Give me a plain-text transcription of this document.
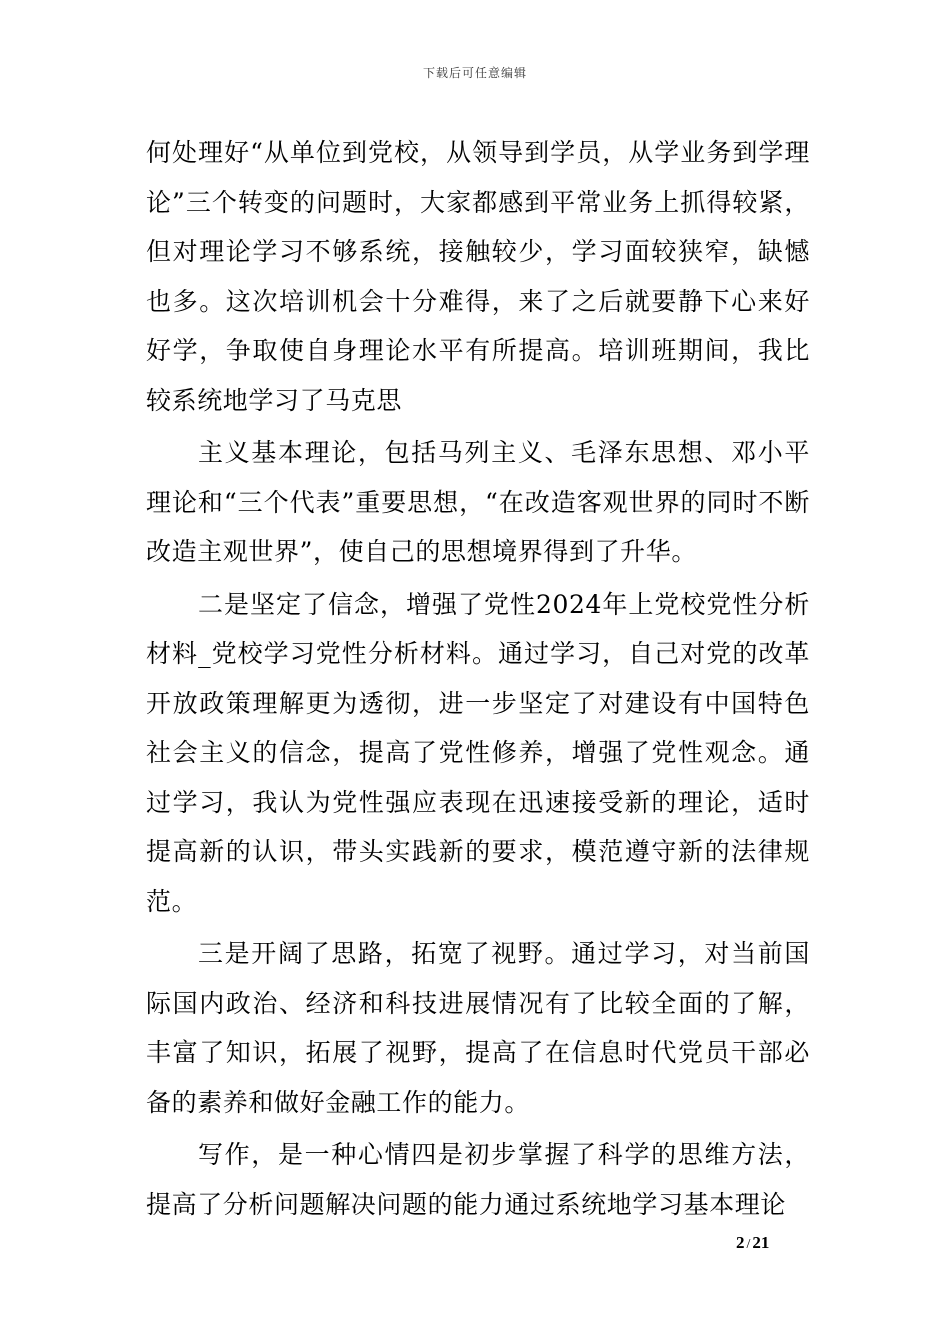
下载后可任意编辑

何处理好“从单位到党校，从领导到学员，从学业务到学理论”三个转变的问题时，大家都感到平常业务上抓得较紧，但对理论学习不够系统，接触较少，学习面较狭窄，缺憾也多。这次培训机会十分难得，来了之后就要静下心来好好学，争取使自身理论水平有所提高。培训班期间，我比较系统地学习了马克思

主义基本理论，包括马列主义、毛泽东思想、邓小平理论和“三个代表”重要思想，“在改造客观世界的同时不断改造主观世界”，使自己的思想境界得到了升华。

二是坚定了信念，增强了党性2024年上党校党性分析材料_党校学习党性分析材料。通过学习，自己对党的改革开放政策理解更为透彻，进一步坚定了对建设有中国特色社会主义的信念，提高了党性修养，增强了党性观念。通过学习，我认为党性强应表现在迅速接受新的理论，适时提高新的认识，带头实践新的要求，模范遵守新的法律规范。

三是开阔了思路，拓宽了视野。通过学习，对当前国际国内政治、经济和科技进展情况有了比较全面的了解，丰富了知识，拓展了视野，提高了在信息时代党员干部必备的素养和做好金融工作的能力。

写作，是一种心情四是初步掌握了科学的思维方法，提高了分析问题解决问题的能力通过系统地学习基本理论

2 / 21
